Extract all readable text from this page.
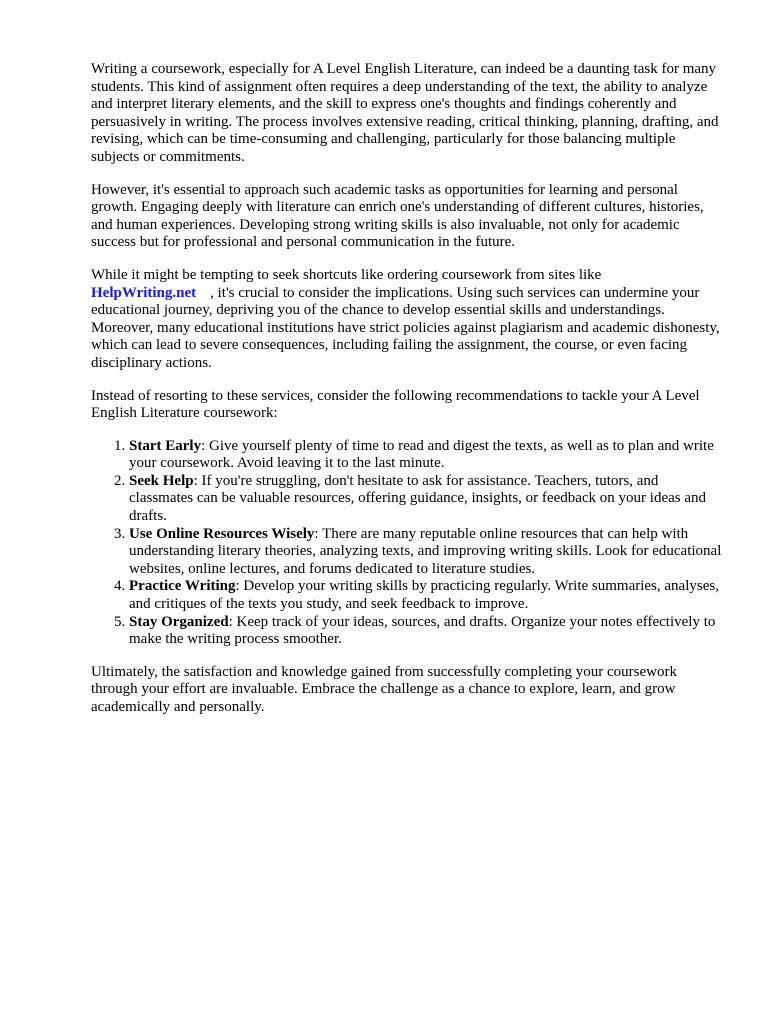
Writing a coursework, especially for A Level English Literature, can indeed be a daunting task for many students. This kind of assignment often requires a deep understanding of the text, the ability to analyze and interpret literary elements, and the skill to express one's thoughts and findings coherently and persuasively in writing. The process involves extensive reading, critical thinking, planning, drafting, and revising, which can be time-consuming and challenging, particularly for those balancing multiple subjects or commitments.

However, it's essential to approach such academic tasks as opportunities for learning and personal growth. Engaging deeply with literature can enrich one's understanding of different cultures, histories, and human experiences. Developing strong writing skills is also invaluable, not only for academic success but for professional and personal communication in the future.

While it might be tempting to seek shortcuts like ordering coursework from sites like
HelpWriting.net , it's crucial to consider the implications. Using such services can undermine your educational journey, depriving you of the chance to develop essential skills and understandings. Moreover, many educational institutions have strict policies against plagiarism and academic dishonesty, which can lead to severe consequences, including failing the assignment, the course, or even facing disciplinary actions.

Instead of resorting to these services, consider the following recommendations to tackle your A Level English Literature coursework:

1. Start Early: Give yourself plenty of time to read and digest the texts, as well as to plan and write your coursework. Avoid leaving it to the last minute.
2. Seek Help: If you're struggling, don't hesitate to ask for assistance. Teachers, tutors, and classmates can be valuable resources, offering guidance, insights, or feedback on your ideas and drafts.
3. Use Online Resources Wisely: There are many reputable online resources that can help with understanding literary theories, analyzing texts, and improving writing skills. Look for educational websites, online lectures, and forums dedicated to literature studies.
4. Practice Writing: Develop your writing skills by practicing regularly. Write summaries, analyses, and critiques of the texts you study, and seek feedback to improve.
5. Stay Organized: Keep track of your ideas, sources, and drafts. Organize your notes effectively to make the writing process smoother.

Ultimately, the satisfaction and knowledge gained from successfully completing your coursework through your effort are invaluable. Embrace the challenge as a chance to explore, learn, and grow academically and personally.
